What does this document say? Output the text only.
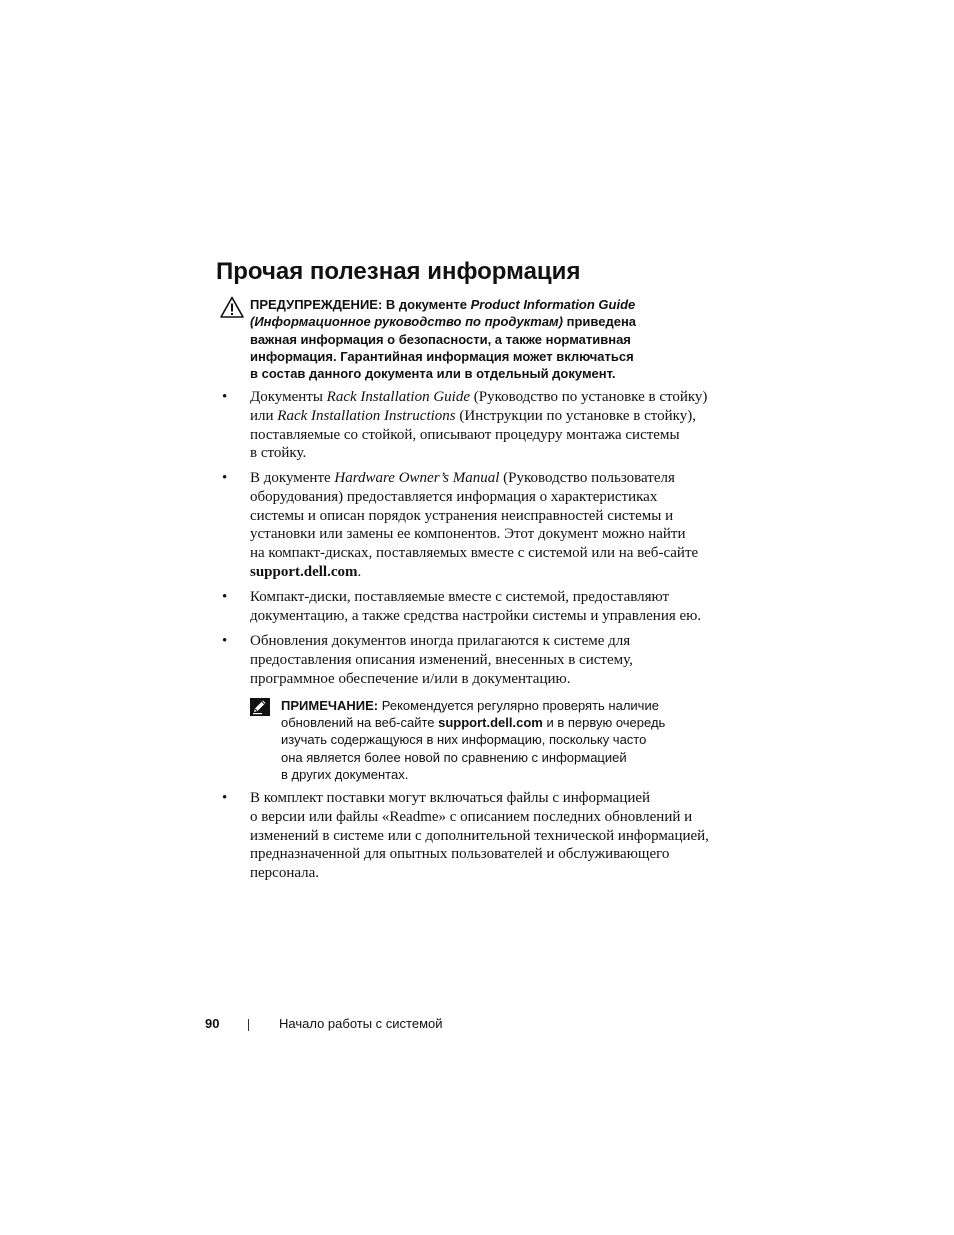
Прочая полезная информация
ПРЕДУПРЕЖДЕНИЕ: В документе Product Information Guide
(Информационное руководство по продуктам) приведена
важная информация о безопасности, а также нормативная
информация. Гарантийная информация может включаться
в состав данного документа или в отдельный документ.
• Документы Rack Installation Guide (Руководство по установке в стойку)
или Rack Installation Instructions (Инструкции по установке в стойку),
поставляемые со стойкой, описывают процедуру монтажа системы
в стойку.
• В документе Hardware Owner’s Manual (Руководство пользователя
оборудования) предоставляется информация о характеристиках
системы и описан порядок устранения неисправностей системы и
установки или замены ее компонентов. Этот документ можно найти
на компакт-дисках, поставляемых вместе с системой или на веб-сайте
support.dell.com.
• Компакт-диски, поставляемые вместе с системой, предоставляют
документацию, а также средства настройки системы и управления ею.
• Обновления документов иногда прилагаются к системе для
предоставления описания изменений, внесенных в систему,
программное обеспечение и/или в документацию.
• В комплект поставки могут включаться файлы с информацией
о версии или файлы «Readme» с описанием последних обновлений и
изменений в системе или с дополнительной технической информацией,
предназначенной для опытных пользователей и обслуживающего
персонала.
ПРИМЕЧАНИЕ: Рекомендуется регулярно проверять наличие
обновлений на веб-сайте support.dell.com и в первую очередь
изучать содержащуюся в них информацию, поскольку часто
она является более новой по сравнению с информацией
в других документах.
90	Начало работы с системой
